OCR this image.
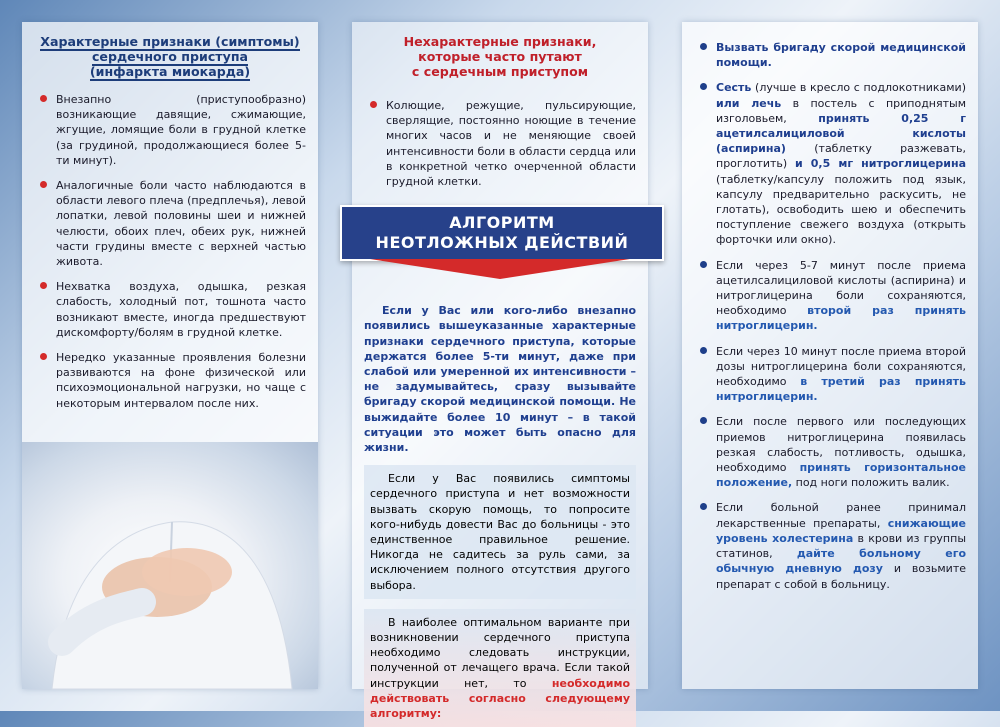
Характерные признаки (симптомы)
сердечного приступа
(инфаркта миокарда)
Внезапно (приступообразно) возникающие давящие, сжимающие, жгущие, ломящие боли в грудной клетке (за грудиной, продолжающиеся более 5-ти минут).
Аналогичные боли часто наблюдаются в области левого плеча (предплечья), левой лопатки, левой половины шеи и нижней челюсти, обоих плеч, обеих рук, нижней части грудины вместе с верхней частью живота.
Нехватка воздуха, одышка, резкая слабость, холодный пот, тошнота часто возникают вместе, иногда предшествуют дискомфорту/болям в грудной клетке.
Нередко указанные проявления болезни развиваются на фоне физической или психоэмоциональной нагрузки, но чаще с некоторым интервалом после них.
Нехарактерные признаки,
которые часто путают
с сердечным приступом
Колющие, режущие, пульсирующие, сверлящие, постоянно ноющие в течение многих часов и не меняющие своей интенсивности боли в области сердца или в конкретной четко очерченной области грудной клетки.
Если у Вас или кого-либо внезапно появились вышеуказанные характерные признаки сердечного приступа, которые держатся более 5-ти минут, даже при слабой или умеренной их интенсивности – не задумывайтесь, сразу вызывайте бригаду скорой медицинской помощи. Не выжидайте более 10 минут – в такой ситуации это может быть опасно для жизни.
Если у Вас появились симптомы сердечного приступа и нет возможности вызвать скорую помощь, то попросите кого-нибудь довести Вас до больницы - это единственное правильное решение. Никогда не садитесь за руль сами, за исключением полного отсутствия другого выбора.
В наиболее оптимальном варианте при возникновении сердечного приступа необходимо следовать инструкции, полученной от лечащего врача. Если такой инструкции нет, то необходимо действовать согласно следующему алгоритму:
АЛГОРИТМ
НЕОТЛОЖНЫХ ДЕЙСТВИЙ
Вызвать бригаду скорой медицинской помощи.
Сесть (лучше в кресло с подлокотниками) или лечь в постель с приподнятым изголовьем, принять 0,25 г ацетилсалициловой кислоты (аспирина) (таблетку разжевать, проглотить) и 0,5 мг нитроглицерина (таблетку/капсулу положить под язык, капсулу предварительно раскусить, не глотать), освободить шею и обеспечить поступление свежего воздуха (открыть форточки или окно).
Если через 5-7 минут после приема ацетилсалициловой кислоты (аспирина) и нитроглицерина боли сохраняются, необходимо второй раз принять нитроглицерин.
Если через 10 минут после приема второй дозы нитроглицерина боли сохраняются, необходимо в третий раз принять нитроглицерин.
Если после первого или последующих приемов нитроглицерина появилась резкая слабость, потливость, одышка, необходимо принять горизонтальное положение, под ноги положить валик.
Если больной ранее принимал лекарственные препараты, снижающие уровень холестерина в крови из группы статинов, дайте больному его обычную дневную дозу и возьмите препарат с собой в больницу.
